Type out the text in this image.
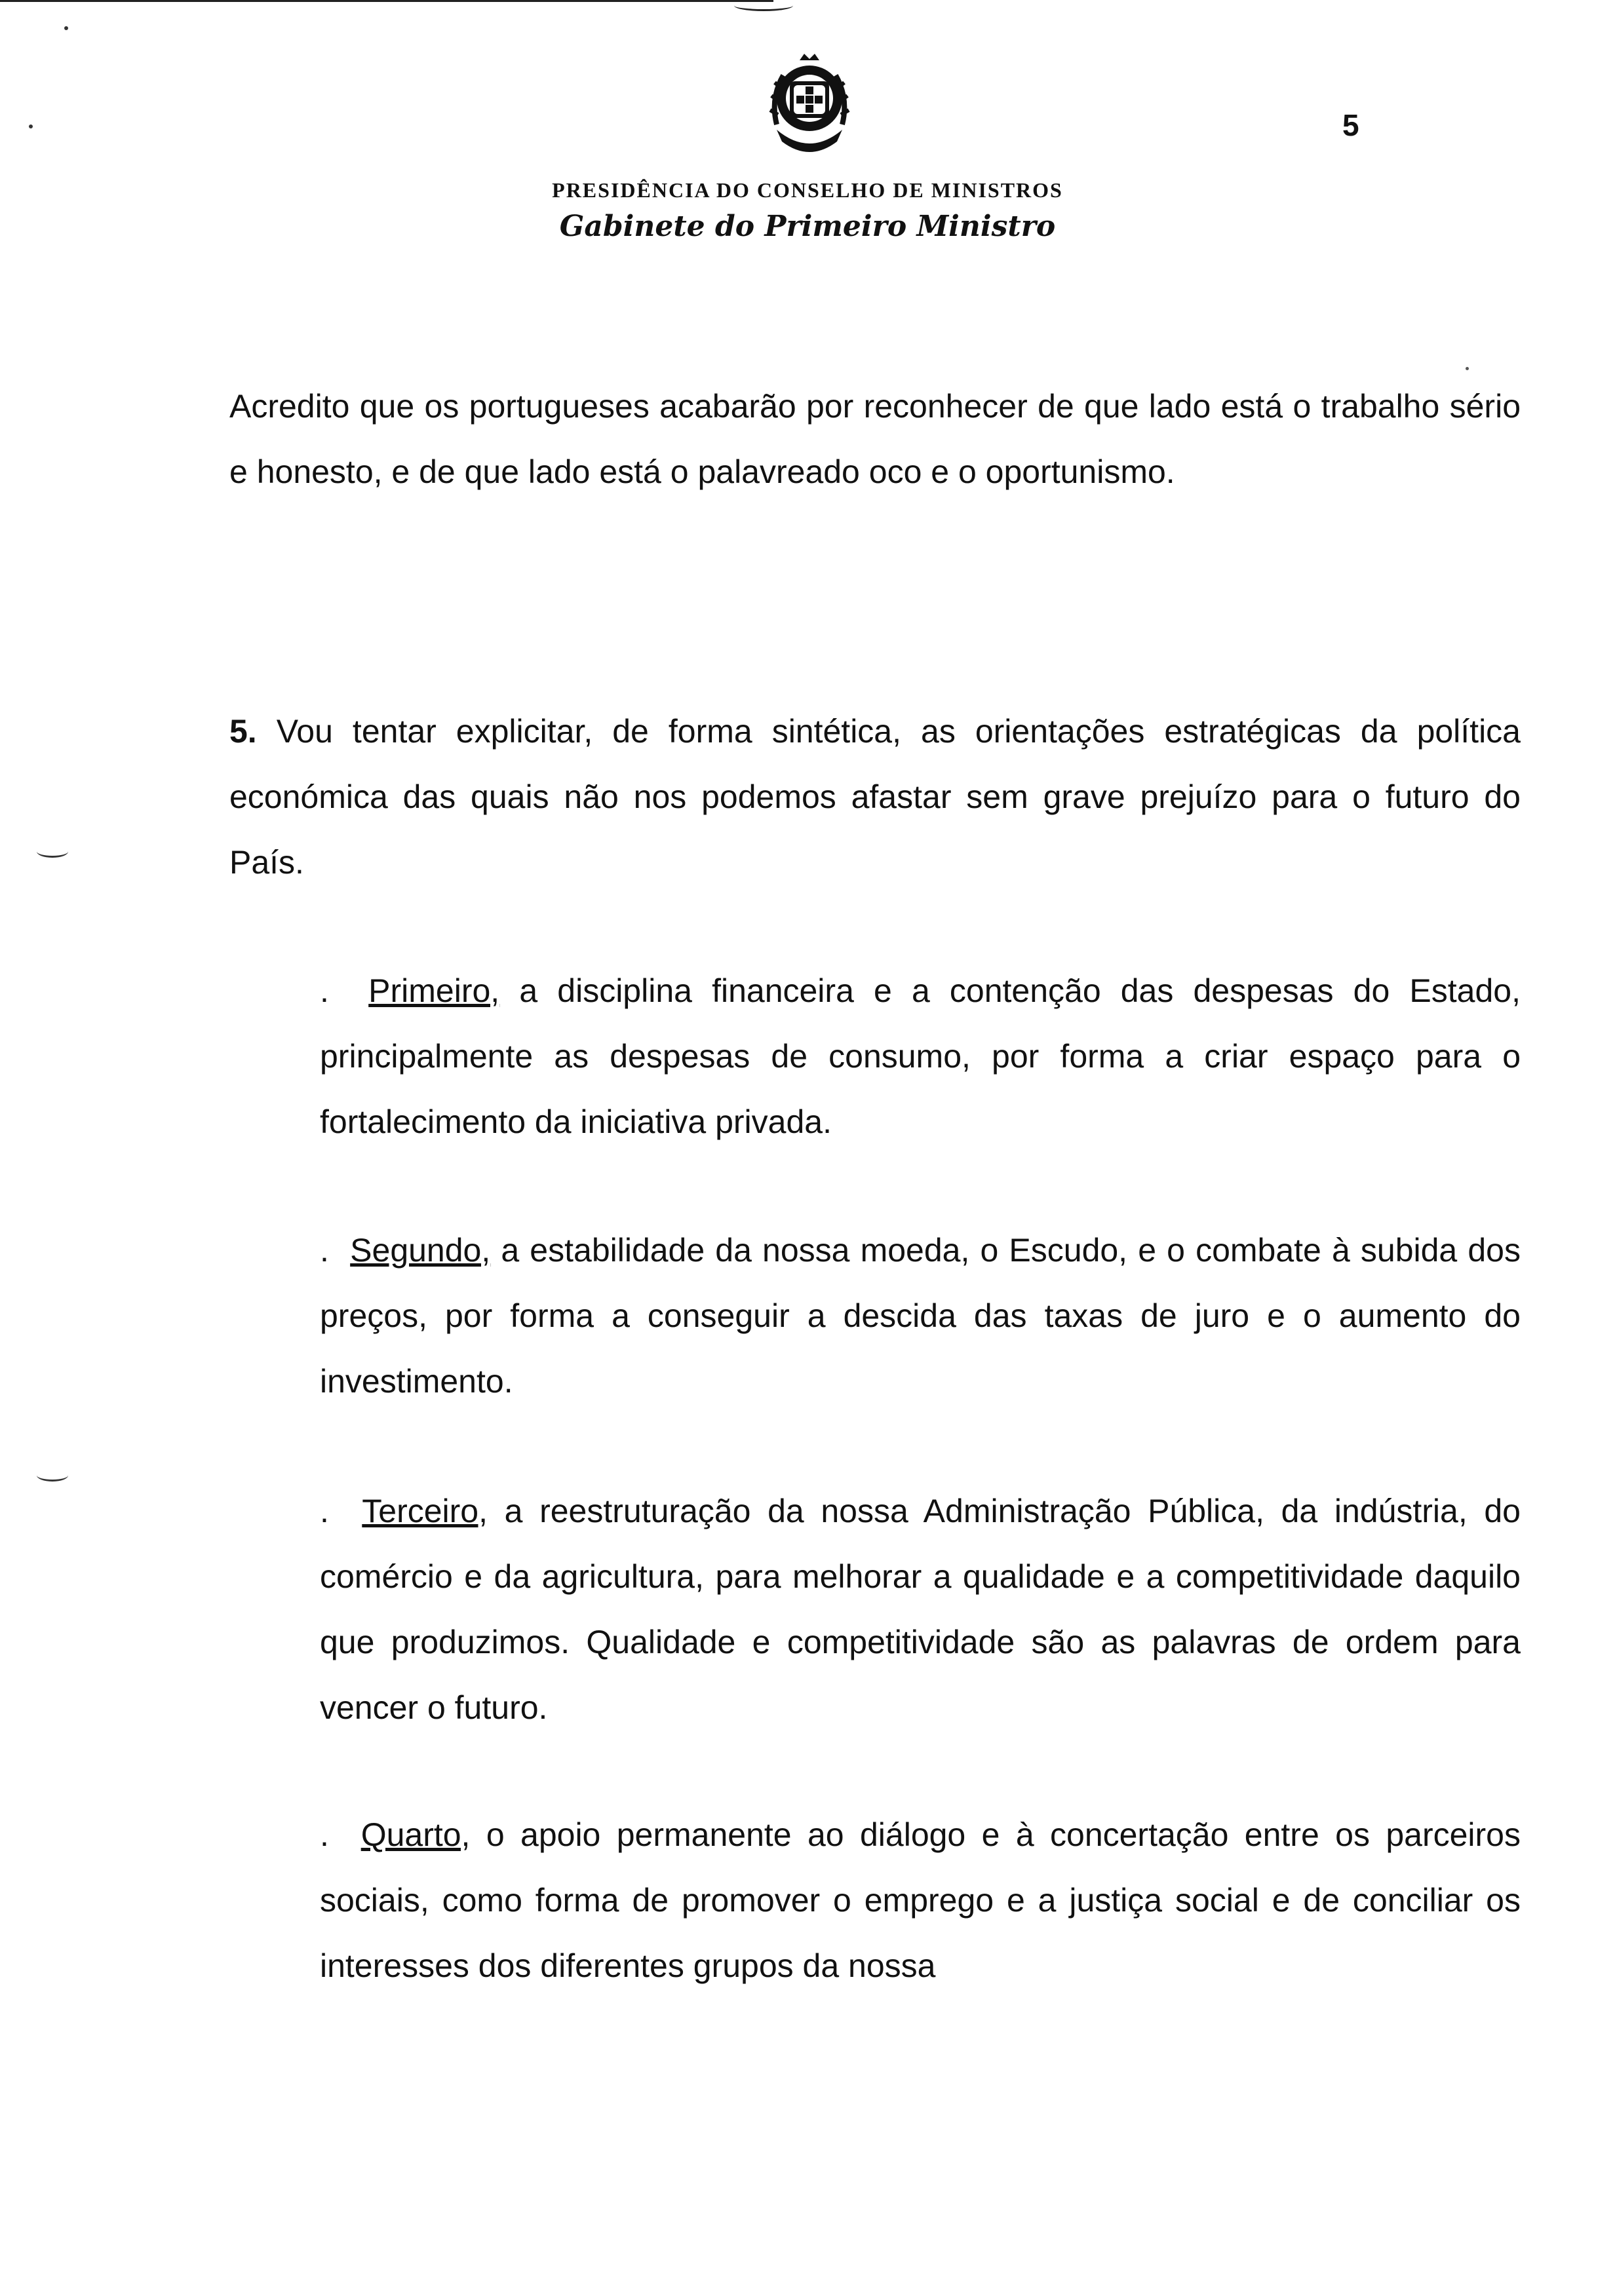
5
PRESIDÊNCIA DO CONSELHO DE MINISTROS
Gabinete do Primeiro Ministro
Acredito que os portugueses acabarão por reconhecer de que lado está o trabalho sério e honesto, e de que lado está o palavreado oco e o oportunismo.
5. Vou tentar explicitar, de forma sintética, as orientações estratégicas da política económica das quais não nos podemos afastar sem grave prejuízo para o futuro do País.
. Primeiro, a disciplina financeira e a contenção das despesas do Estado, principalmente as despesas de consumo, por forma a criar espaço para o fortalecimento da iniciativa privada.
. Segundo, a estabilidade da nossa moeda, o Escudo, e o combate à subida dos preços, por forma a conseguir a descida das taxas de juro e o aumento do investimento.
. Terceiro, a reestruturação da nossa Administração Pública, da indústria, do comércio e da agricultura, para melhorar a qualidade e a competitividade daquilo que produzimos. Qualidade e competitividade são as palavras de ordem para vencer o futuro.
. Quarto, o apoio permanente ao diálogo e à concertação entre os parceiros sociais, como forma de promover o emprego e a justiça social e de conciliar os interesses dos diferentes grupos da nossa
